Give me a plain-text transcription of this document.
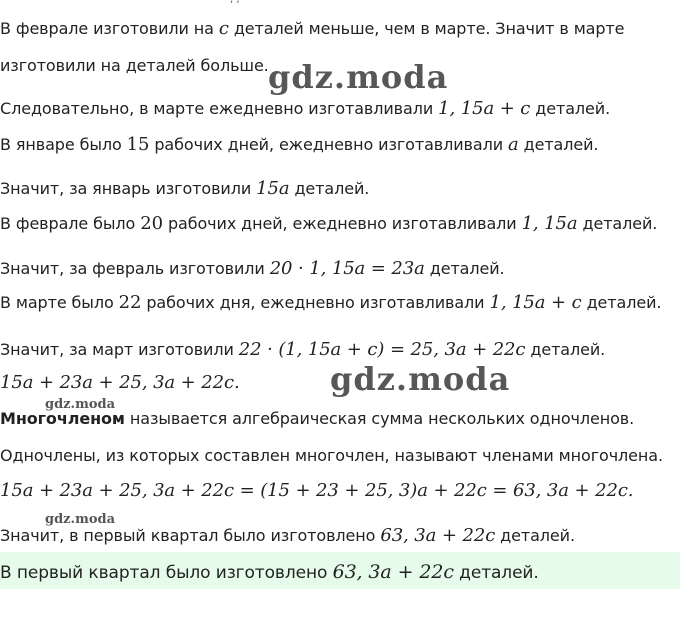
В феврале изготовили на c деталей меньше, чем в марте. Значит в марте
изготовили на деталей больше.
Следовательно, в марте ежедневно изготавливали 1, 15a + c деталей.
В январе было 15 рабочих дней, ежедневно изготавливали a деталей.
Значит, за январь изготовили 15a деталей.
В феврале было 20 рабочих дней, ежедневно изготавливали 1, 15a деталей.
Значит, за февраль изготовили 20 · 1, 15a = 23a деталей.
В марте было 22 рабочих дня, ежедневно изготавливали 1, 15a + c деталей.
Значит, за март изготовили 22 · (1, 15a + c) = 25, 3a + 22c деталей.
15a + 23a + 25, 3a + 22c.
Многочленом называется алгебраическая сумма нескольких одночленов.
Одночлены, из которых составлен многочлен, называют членами многочлена.
15a + 23a + 25, 3a + 22c = (15 + 23 + 25, 3)a + 22c = 63, 3a + 22c.
Значит, в первый квартал было изготовлено 63, 3a + 22c деталей.
В первый квартал было изготовлено 63, 3a + 22c деталей.
gdz.moda
gdz.moda
gdz.moda
gdz.moda
